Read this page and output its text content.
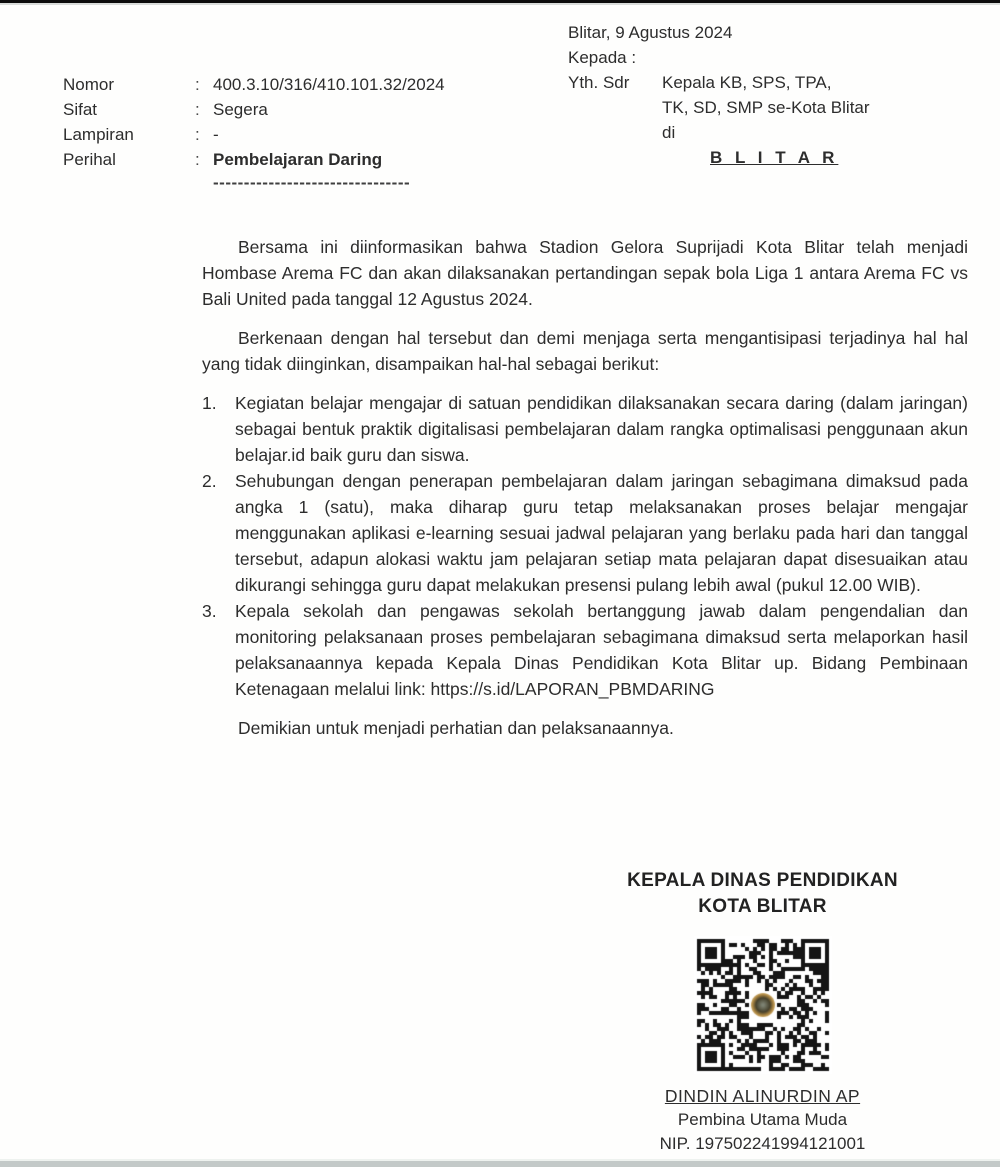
Nomor	: 400.3.10/316/410.101.32/2024
Sifat	: Segera
Lampiran	: -
Perihal	: Pembelajaran Daring
--------------------------------
Blitar, 9 Agustus 2024
Kepada :
Yth. Sdr	Kepala KB, SPS, TPA,
TK, SD, SMP se-Kota Blitar
di
B L I T A R
Bersama ini diinformasikan bahwa Stadion Gelora Suprijadi Kota Blitar telah menjadi Hombase Arema FC dan akan dilaksanakan pertandingan sepak bola Liga 1 antara Arema FC vs Bali United pada tanggal 12 Agustus 2024.
Berkenaan dengan hal tersebut dan demi menjaga serta mengantisipasi terjadinya hal hal yang tidak diinginkan, disampaikan hal-hal sebagai berikut:
1.	Kegiatan belajar mengajar di satuan pendidikan dilaksanakan secara daring (dalam jaringan) sebagai bentuk praktik digitalisasi pembelajaran dalam rangka optimalisasi penggunaan akun belajar.id baik guru dan siswa.
2.	Sehubungan dengan penerapan pembelajaran dalam jaringan sebagimana dimaksud pada angka 1 (satu), maka diharap guru tetap melaksanakan proses belajar mengajar menggunakan aplikasi e-learning sesuai jadwal pelajaran yang berlaku pada hari dan tanggal tersebut, adapun alokasi waktu jam pelajaran setiap mata pelajaran dapat disesuaikan atau dikurangi sehingga guru dapat melakukan presensi pulang lebih awal (pukul 12.00 WIB).
3.	Kepala sekolah dan pengawas sekolah bertanggung jawab dalam pengendalian dan monitoring pelaksanaan proses pembelajaran sebagimana dimaksud serta melaporkan hasil pelaksanaannya kepada Kepala Dinas Pendidikan Kota Blitar up. Bidang Pembinaan Ketenagaan melalui link: https://s.id/LAPORAN_PBMDARING
Demikian untuk menjadi perhatian dan pelaksanaannya.
KEPALA DINAS PENDIDIKAN
KOTA BLITAR
DINDIN ALINURDIN AP
Pembina Utama Muda
NIP. 197502241994121001
